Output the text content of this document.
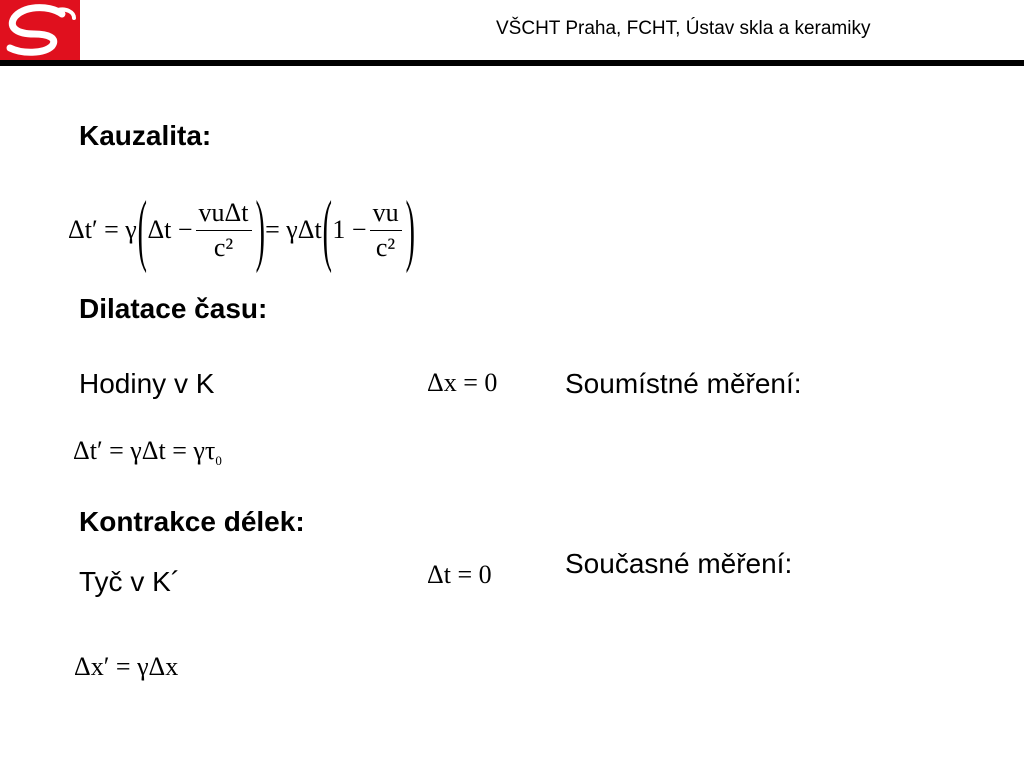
VŠCHT Praha, FCHT, Ústav skla a keramiky
Kauzalita:
Δt′ = γ ( $\Delta t - \frac{\text{vuΔt}}{\text{c²}}$ ) = γΔt ( $1 - \frac{vu}{\text{c²}}$ )
Dilatace času:
Hodiny v K	Δx = 0 Soumístné měření:
$\Delta t' = \gamma\Delta t = \gamma\tau_0$
Kontrakce délek:
Tyč v K´	Δt = 0	Současné měření:
Δx′ = γΔx
